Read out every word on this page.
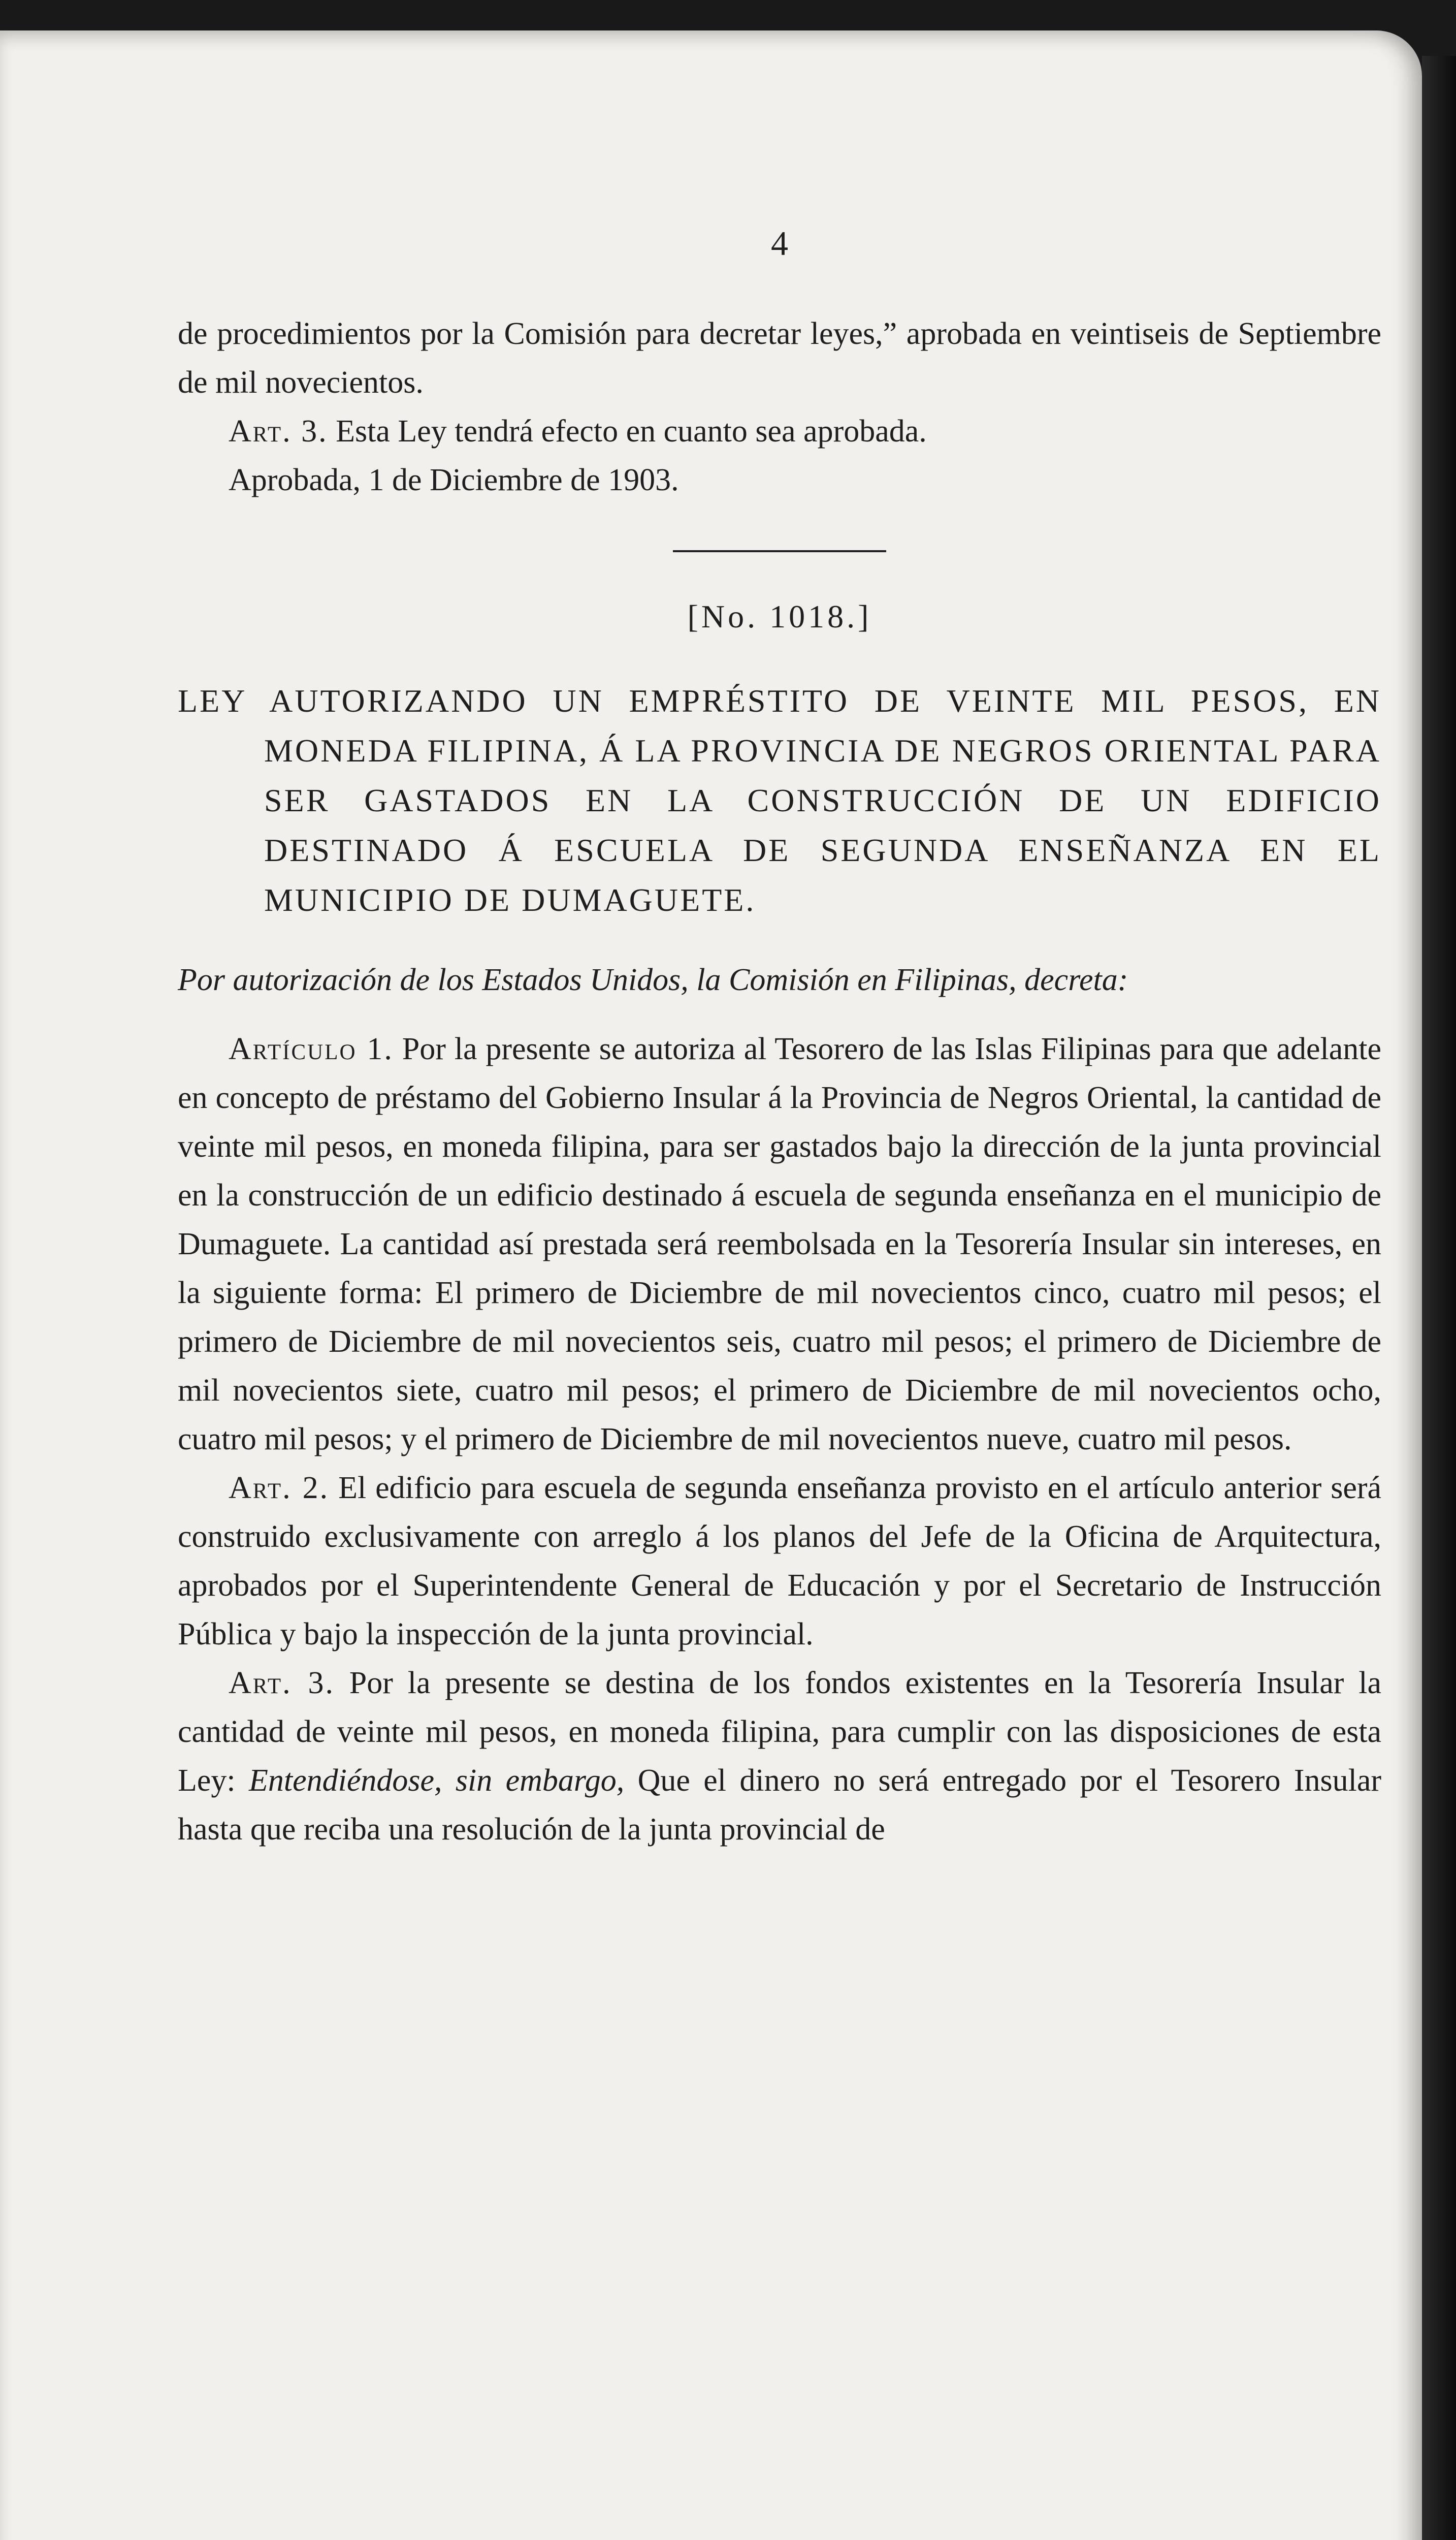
4

de procedimientos por la Comisión para decretar leyes,” aprobada en veintiseis de Septiembre de mil novecientos.

Art. 3. Esta Ley tendrá efecto en cuanto sea aprobada.

Aprobada, 1 de Diciembre de 1903.

[No. 1018.]

LEY AUTORIZANDO UN EMPRÉSTITO DE VEINTE MIL PESOS, EN MONEDA FILIPINA, Á LA PROVINCIA DE NEGROS ORIENTAL PARA SER GASTADOS EN LA CONSTRUCCIÓN DE UN EDIFICIO DESTINADO Á ESCUELA DE SEGUNDA ENSEÑANZA EN EL MUNICIPIO DE DUMAGUETE.

Por autorización de los Estados Unidos, la Comisión en Filipinas, decreta:

Artículo 1. Por la presente se autoriza al Tesorero de las Islas Filipinas para que adelante en concepto de préstamo del Gobierno Insular á la Provincia de Negros Oriental, la cantidad de veinte mil pesos, en moneda filipina, para ser gastados bajo la dirección de la junta provincial en la construcción de un edificio destinado á escuela de segunda enseñanza en el municipio de Dumaguete. La cantidad así prestada será reembolsada en la Tesorería Insular sin intereses, en la siguiente forma: El primero de Diciembre de mil novecientos cinco, cuatro mil pesos; el primero de Diciembre de mil novecientos seis, cuatro mil pesos; el primero de Diciembre de mil novecientos siete, cuatro mil pesos; el primero de Diciembre de mil novecientos ocho, cuatro mil pesos; y el primero de Diciembre de mil novecientos nueve, cuatro mil pesos.

Art. 2. El edificio para escuela de segunda enseñanza provisto en el artículo anterior será construido exclusivamente con arreglo á los planos del Jefe de la Oficina de Arquitectura, aprobados por el Superintendente General de Educación y por el Secretario de Instrucción Pública y bajo la inspección de la junta provincial.

Art. 3. Por la presente se destina de los fondos existentes en la Tesorería Insular la cantidad de veinte mil pesos, en moneda filipina, para cumplir con las disposiciones de esta Ley: Entendiéndose, sin embargo, Que el dinero no será entregado por el Tesorero Insular hasta que reciba una resolución de la junta provincial de
